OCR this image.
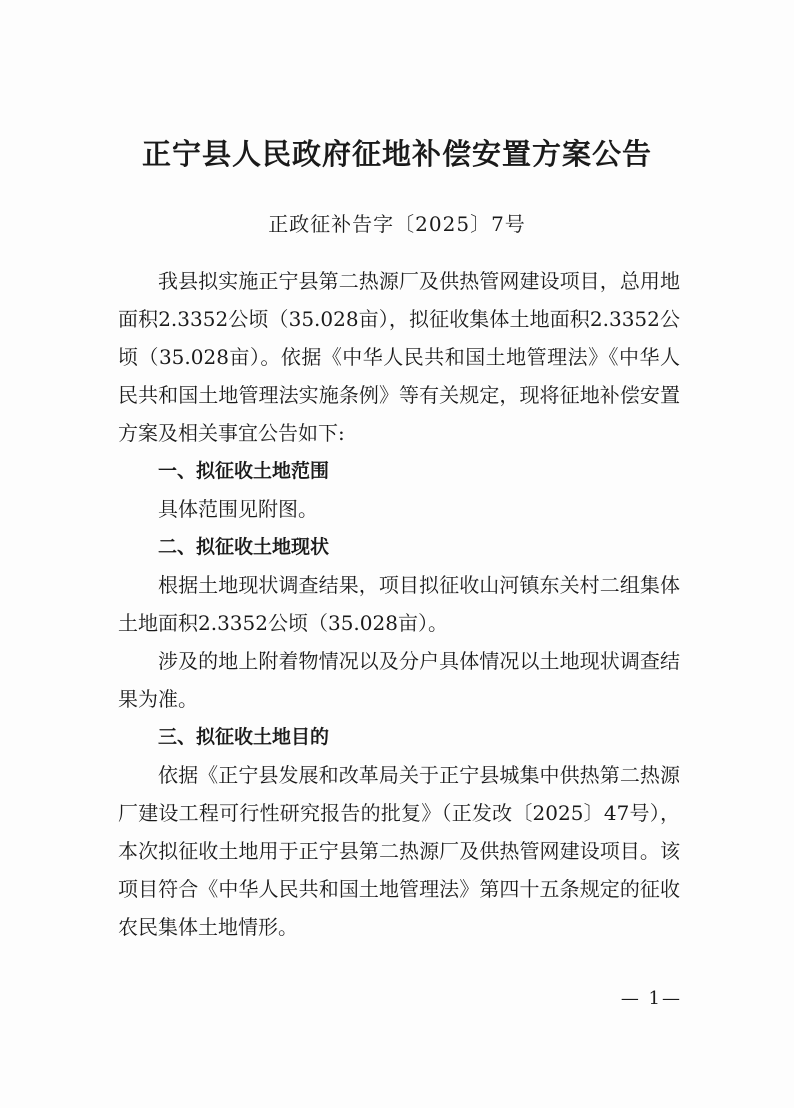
正宁县人民政府征地补偿安置方案公告
正政征补告字〔2025〕7号

我县拟实施正宁县第二热源厂及供热管网建设项目，总用地面积2.3352公顷（35.028亩），拟征收集体土地面积2.3352公顷（35.028亩）。依据《中华人民共和国土地管理法》《中华人民共和国土地管理法实施条例》等有关规定，现将征地补偿安置方案及相关事宜公告如下:

一、拟征收土地范围

具体范围见附图。

二、拟征收土地现状

根据土地现状调查结果，项目拟征收山河镇东关村二组集体土地面积2.3352公顷（35.028亩）。

涉及的地上附着物情况以及分户具体情况以土地现状调查结果为准。

三、拟征收土地目的

依据《正宁县发展和改革局关于正宁县城集中供热第二热源厂建设工程可行性研究报告的批复》（正发改〔2025〕47号），本次拟征收土地用于正宁县第二热源厂及供热管网建设项目。该项目符合《中华人民共和国土地管理法》第四十五条规定的征收农民集体土地情形。

— 1—
